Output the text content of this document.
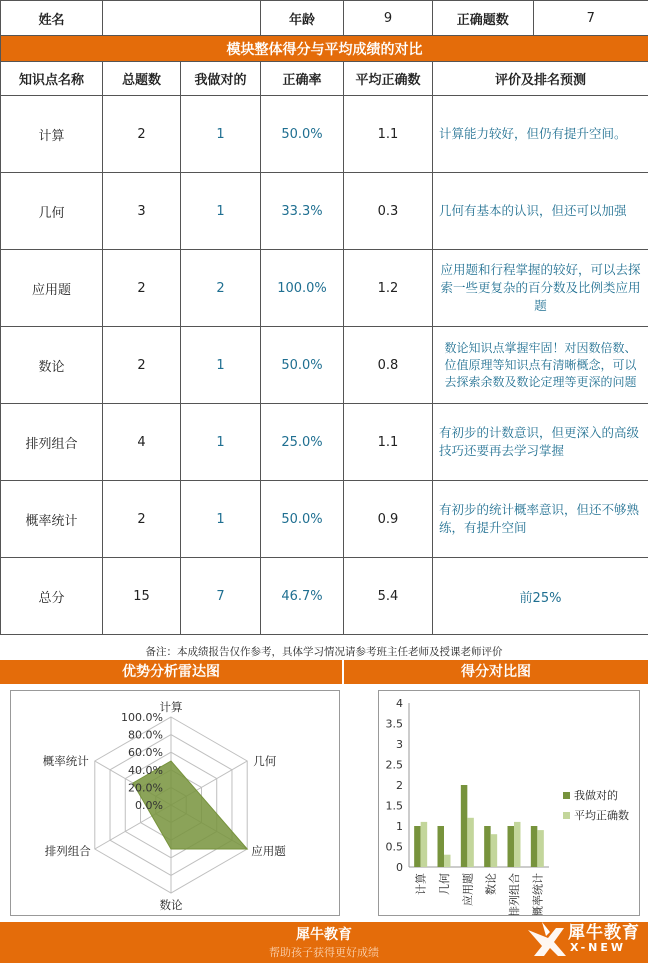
姓名		年龄	9		正确题数	7

模块整体得分与平均成绩的对比
知识点名称	总题数	我做对的	正确率	平均正确数	评价及排名预测
计算	2	1	50.0%	1.1	计算能力较好，但仍有提升空间。
几何	3	1	33.3%	0.3	几何有基本的认识，但还可以加强
应用题	2	2	100.0%	1.2	应用题和行程掌握的较好，可以去探索一些更复杂的百分数及比例类应用题
数论	2	1	50.0%	0.8	数论知识点掌握牢固！对因数倍数、位值原理等知识点有清晰概念，可以去探索余数及数论定理等更深的问题
排列组合	4	1	25.0%	1.1	有初步的计数意识，但更深入的高级技巧还要再去学习掌握
概率统计	2	1	50.0%	0.9	有初步的统计概率意识，但还不够熟练，有提升空间
总分	15	7	46.7%	5.4	前25%
备注：本成绩报告仅作参考，具体学习情况请参考班主任老师及授课老师评价
优势分析雷达图	得分对比图
0.0%
20.0%
40.0%
60.0%
80.0%
100.0%
计算
几何
应用题
数论
排列组合
概率统计
0
0.5
1
1.5
2
2.5
3
3.5
4
计算 几何 应用题 数论 排列组合 概率统计
我做对的
平均正确数
犀牛教育
帮助孩子获得更好成绩
犀牛教育
X-NEW
